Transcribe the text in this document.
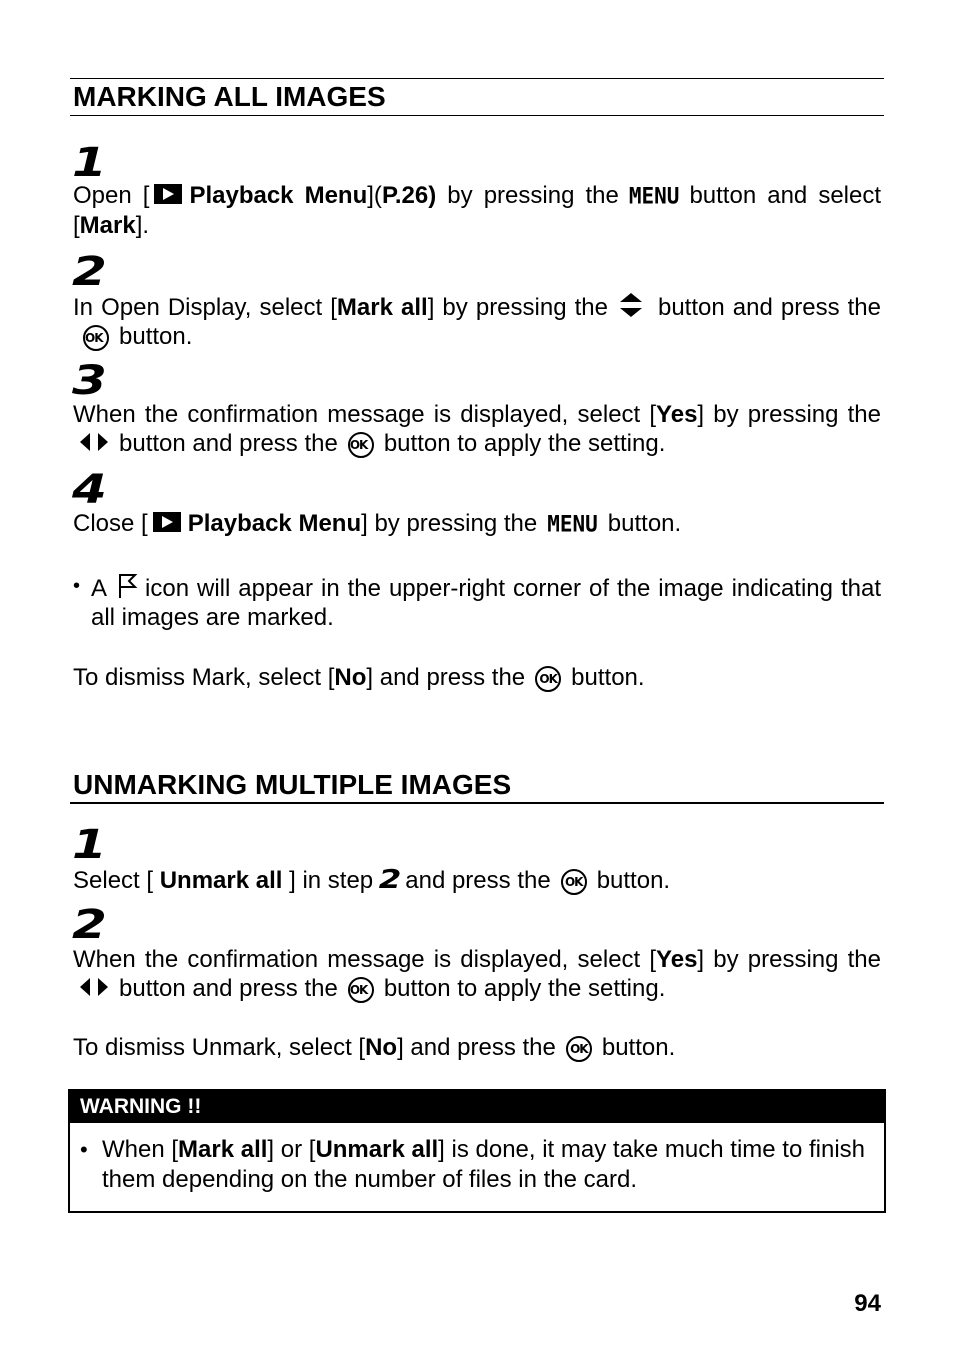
MARKING ALL IMAGES
1

Open [ Playback Menu](P.26) by pressing the MENU button and select [Mark].

2

In Open Display, select [Mark all] by pressing the button and press theOK button.

3

When the confirmation message is displayed, select [Yes] by pressing thebutton and press the OK button to apply the setting.

4

Close [ Playback Menu] by pressing the MENU button.

• A icon will appear in the upper-right corner of the image indicating that all images are marked.

To dismiss Mark, select [No] and press the OK button.

UNMARKING MULTIPLE IMAGES
1

Select [ Unmark all ] in step 2 and press the OK button.

2

When the confirmation message is displayed, select [Yes] by pressing thebutton and press the OK button to apply the setting.

To dismiss Unmark, select [No] and press the OK button.

WARNING !!
• When [Mark all] or [Unmark all] is done, it may take much time to finish them depending on the number of files in the card.
94
